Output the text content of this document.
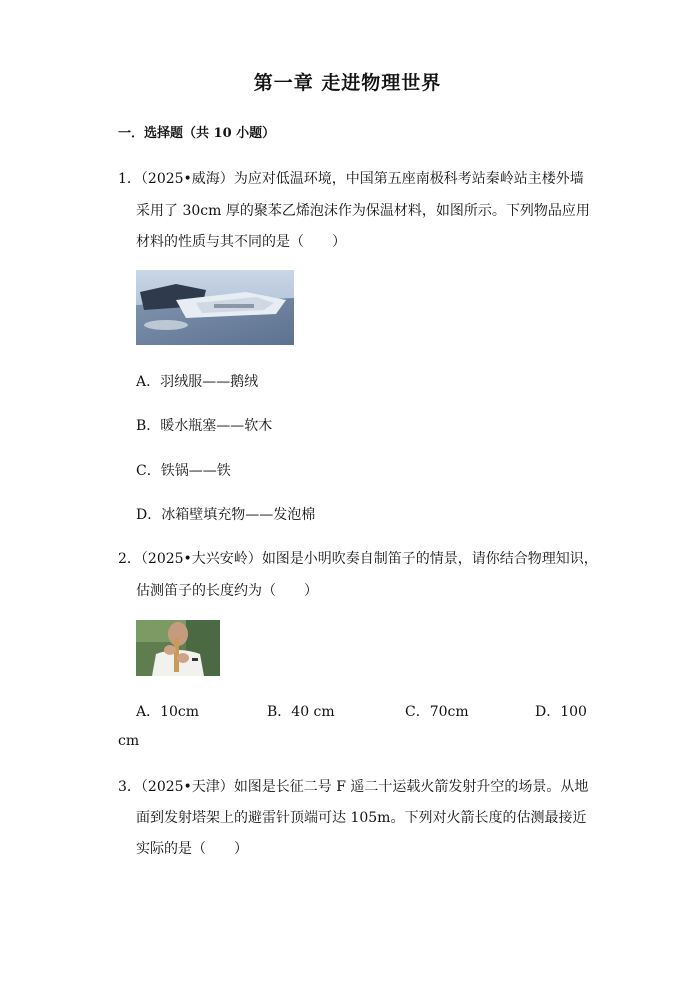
第一章 走进物理世界
一．选择题（共 10 小题）
1．（2025•威海）为应对低温环境，中国第五座南极科考站秦岭站主楼外墙
采用了 30cm 厚的聚苯乙烯泡沫作为保温材料，如图所示。下列物品应用
材料的性质与其不同的是（　　）
A．羽绒服——鹅绒
B．暖水瓶塞——软木
C．铁锅——铁
D．冰箱壁填充物——发泡棉
2．（2025•大兴安岭）如图是小明吹奏自制笛子的情景，请你结合物理知识，
估测笛子的长度约为（　　）
A．10cm	B．40 cm	C．70cm	D．100
cm
3．（2025•天津）如图是长征二号 F 遥二十运载火箭发射升空的场景。从地
面到发射塔架上的避雷针顶端可达 105m。下列对火箭长度的估测最接近
实际的是（　　）
